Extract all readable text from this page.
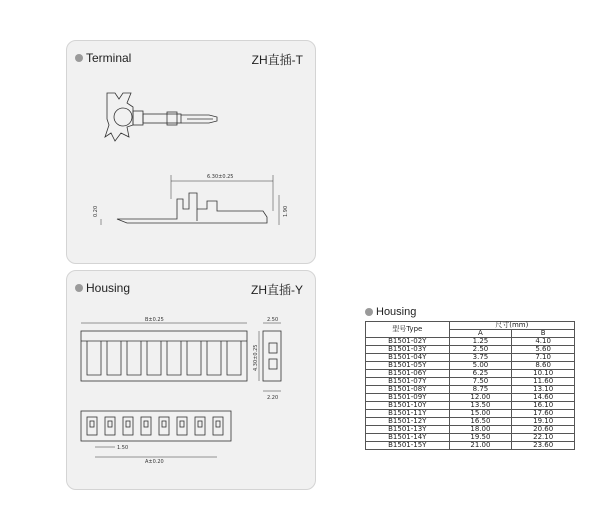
Terminal	ZH直插-T
6.30±0.25
0.20	1.90
Housing	ZH直插-Y
B±0.25	2.50
4.30±0.25
2.20
1.50
A±0.20
Housing
型号Type	尺寸(mm)	
	A	B
B1501-02Y	1.25	4.10
B1501-03Y	2.50	5.60
B1501-04Y	3.75	7.10
B1501-05Y	5.00	8.60
B1501-06Y	6.25	10.10
B1501-07Y	7.50	11.60
B1501-08Y	8.75	13.10
B1501-09Y	12.00	14.60
B1501-10Y	13.50	16.10
B1501-11Y	15.00	17.60
B1501-12Y	16.50	19.10
B1501-13Y	18.00	20.60
B1501-14Y	19.50	22.10
B1501-15Y	21.00	23.60
